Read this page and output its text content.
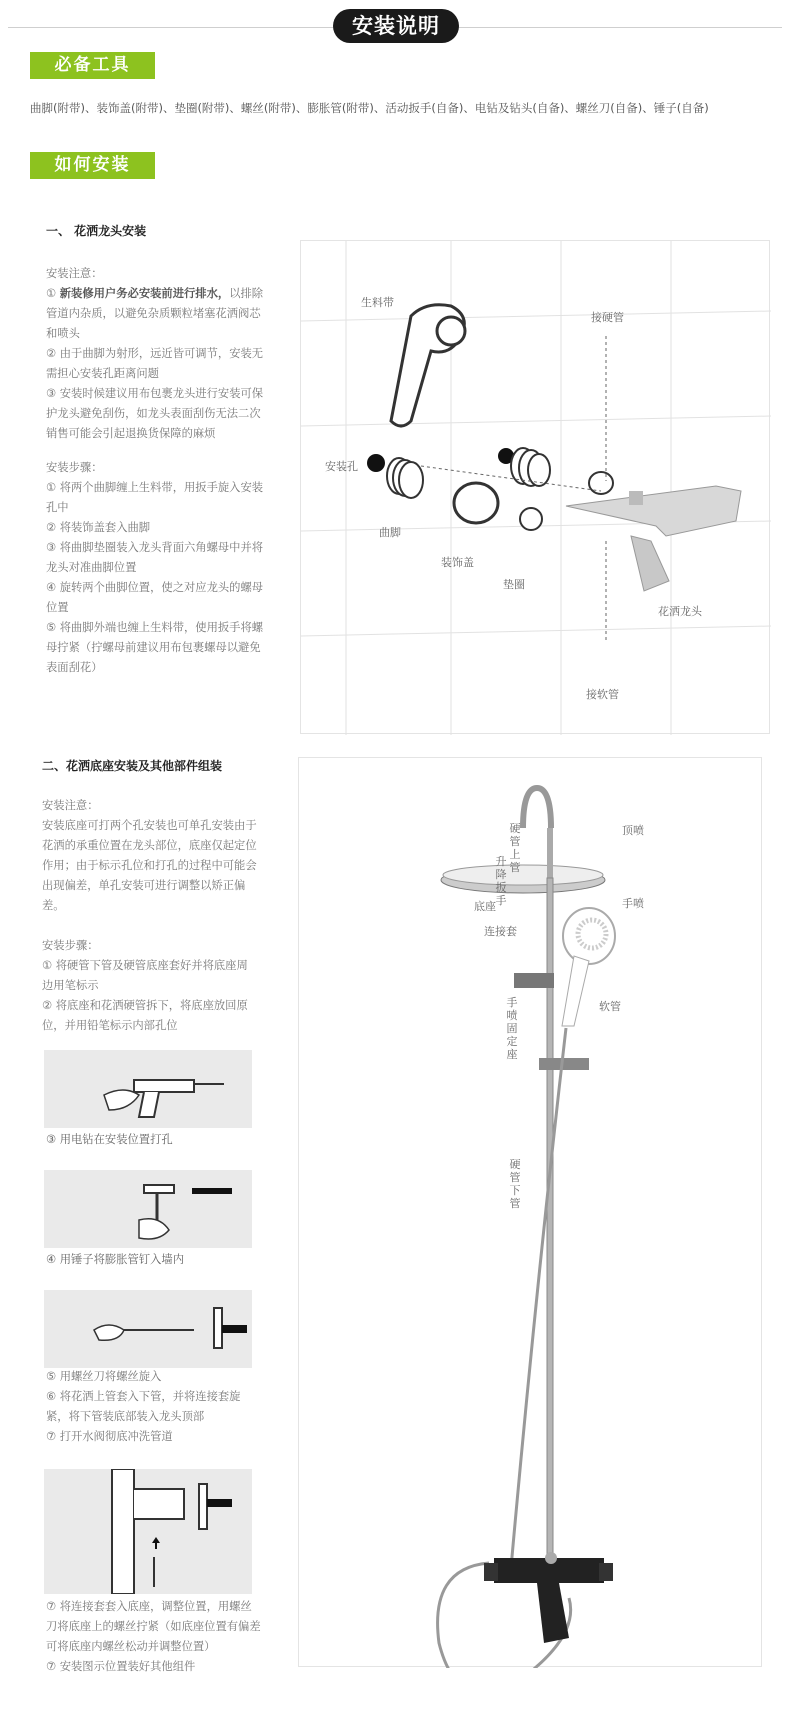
安装说明
必备工具
曲脚(附带)、装饰盖(附带)、垫圈(附带)、螺丝(附带)、膨胀管(附带)、活动扳手(自备)、电钻及钻头(自备)、螺丝刀(自备)、锤子(自备)
如何安装
一、 花洒龙头安装
安装注意：
① 新装修用户务必安装前进行排水，以排除管道内杂质，以避免杂质颗粒堵塞花洒阀芯和喷头
② 由于曲脚为射形，远近皆可调节，安装无需担心安装孔距离问题
③ 安装时候建议用布包裹龙头进行安装可保护龙头避免刮伤，如龙头表面刮伤无法二次销售可能会引起退换货保障的麻烦
安装步骤：
① 将两个曲脚缠上生料带，用扳手旋入安装孔中
② 将装饰盖套入曲脚
③ 将曲脚垫圈装入龙头背面六角螺母中并将龙头对准曲脚位置
④ 旋转两个曲脚位置，使之对应龙头的螺母位置
⑤ 将曲脚外端也缠上生料带，使用扳手将螺母拧紧（拧螺母前建议用布包裹螺母以避免表面刮花）
生料带
接硬管
安装孔
曲脚
装饰盖
垫圈
花洒龙头
接软管
二、花洒底座安装及其他部件组装
安装注意：
安装底座可打两个孔安装也可单孔安装由于花洒的承重位置在龙头部位，底座仅起定位作用；由于标示孔位和打孔的过程中可能会出现偏差，单孔安装可进行调整以矫正偏差。
安装步骤：
① 将硬管下管及硬管底座套好并将底座周边用笔标示
② 将底座和花洒硬管拆下，将底座放回原位，并用铅笔标示内部孔位
③ 用电钻在安装位置打孔
④ 用锤子将膨胀管钉入墙内
⑤ 用螺丝刀将螺丝旋入
⑥ 将花洒上管套入下管，并将连接套旋紧，将下管装底部装入龙头顶部
⑦ 打开水阀彻底冲洗管道
⑦ 将连接套套入底座，调整位置，用螺丝刀将底座上的螺丝拧紧（如底座位置有偏差可将底座内螺丝松动并调整位置）
⑦ 安装图示位置装好其他组件
硬管上管
顶喷
升降扳手
底座	手喷
连接套
手喷固定座
软管
硬管下管
